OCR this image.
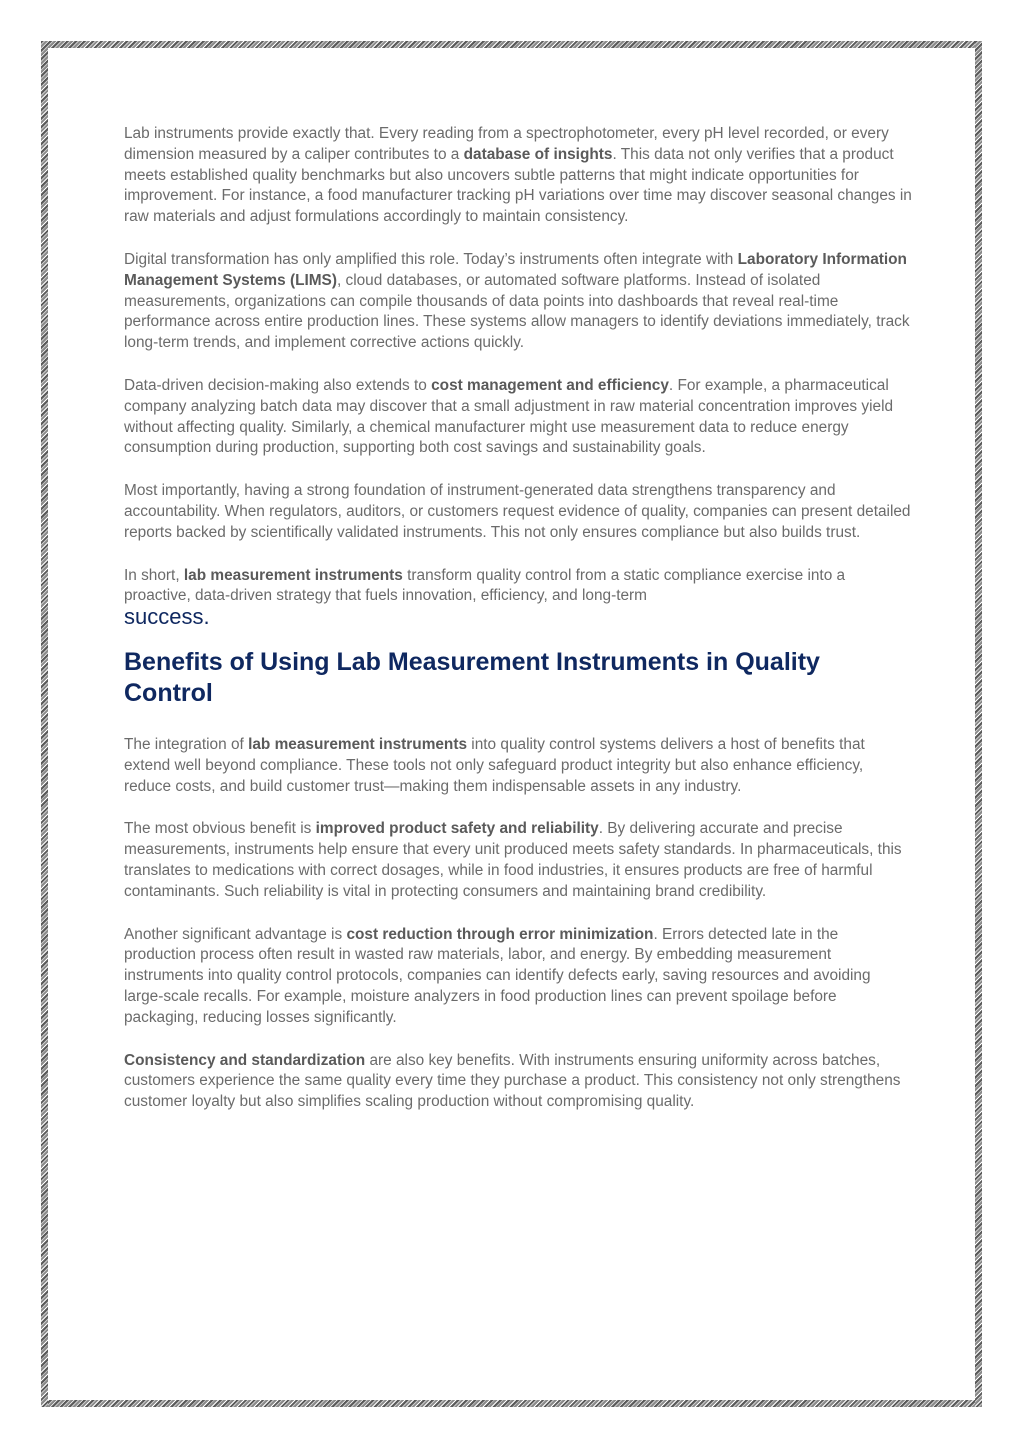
Lab instruments provide exactly that. Every reading from a spectrophotometer, every pH level recorded, or every dimension measured by a caliper contributes to a database of insights. This data not only verifies that a product meets established quality benchmarks but also uncovers subtle patterns that might indicate opportunities for improvement. For instance, a food manufacturer tracking pH variations over time may discover seasonal changes in raw materials and adjust formulations accordingly to maintain consistency.

Digital transformation has only amplified this role. Today’s instruments often integrate with Laboratory Information Management Systems (LIMS), cloud databases, or automated software platforms. Instead of isolated measurements, organizations can compile thousands of data points into dashboards that reveal real-time performance across entire production lines. These systems allow managers to identify deviations immediately, track long-term trends, and implement corrective actions quickly.

Data-driven decision-making also extends to cost management and efficiency. For example, a pharmaceutical company analyzing batch data may discover that a small adjustment in raw material concentration improves yield without affecting quality. Similarly, a chemical manufacturer might use measurement data to reduce energy consumption during production, supporting both cost savings and sustainability goals.

Most importantly, having a strong foundation of instrument-generated data strengthens transparency and accountability. When regulators, auditors, or customers request evidence of quality, companies can present detailed reports backed by scientifically validated instruments. This not only ensures compliance but also builds trust.

In short, lab measurement instruments transform quality control from a static compliance exercise into a proactive, data-driven strategy that fuels innovation, efficiency, and long-term
success.

Benefits of Using Lab Measurement Instruments in Quality Control

The integration of lab measurement instruments into quality control systems delivers a host of benefits that extend well beyond compliance. These tools not only safeguard product integrity but also enhance efficiency, reduce costs, and build customer trust—making them indispensable assets in any industry.

The most obvious benefit is improved product safety and reliability. By delivering accurate and precise measurements, instruments help ensure that every unit produced meets safety standards. In pharmaceuticals, this translates to medications with correct dosages, while in food industries, it ensures products are free of harmful contaminants. Such reliability is vital in protecting consumers and maintaining brand credibility.

Another significant advantage is cost reduction through error minimization. Errors detected late in the production process often result in wasted raw materials, labor, and energy. By embedding measurement instruments into quality control protocols, companies can identify defects early, saving resources and avoiding large-scale recalls. For example, moisture analyzers in food production lines can prevent spoilage before packaging, reducing losses significantly.

Consistency and standardization are also key benefits. With instruments ensuring uniformity across batches, customers experience the same quality every time they purchase a product. This consistency not only strengthens customer loyalty but also simplifies scaling production without compromising quality.
